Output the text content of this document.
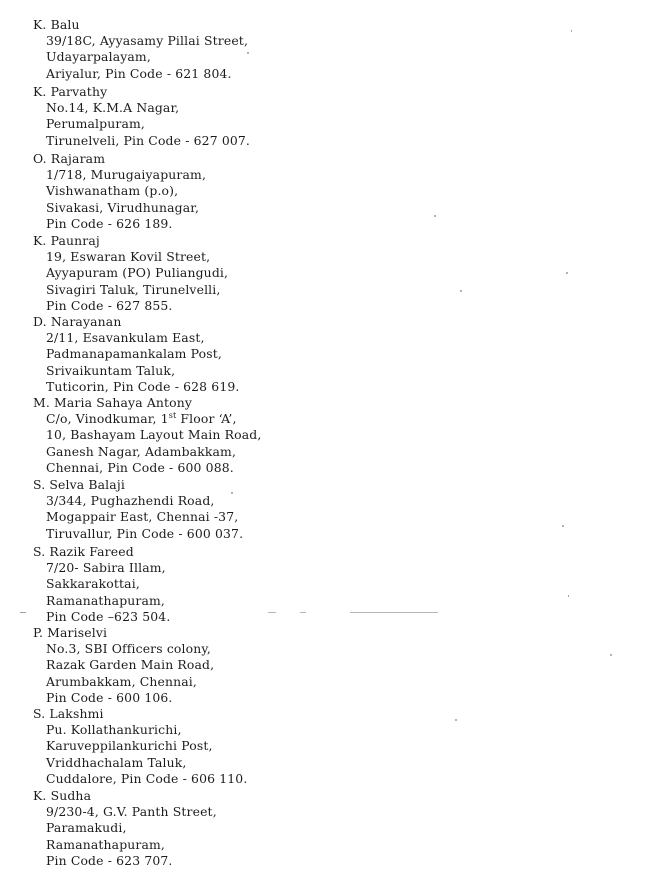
K. Balu
39/18C, Ayyasamy Pillai Street,
Udayarpalayam,
Ariyalur, Pin Code - 621 804.
K. Parvathy
No.14, K.M.A Nagar,
Perumalpuram,
Tirunelveli, Pin Code - 627 007.
O. Rajaram
1/718, Murugaiyapuram,
Vishwanatham (p.o),
Sivakasi, Virudhunagar,
Pin Code - 626 189.
K. Paunraj
19, Eswaran Kovil Street,
Ayyapuram (PO) Puliangudi,
Sivagiri Taluk, Tirunelvelli,
Pin Code - 627 855.
D. Narayanan
2/11, Esavankulam East,
Padmanapamankalam Post,
Srivaikuntam Taluk,
Tuticorin, Pin Code - 628 619.
M. Maria Sahaya Antony
C/o, Vinodkumar, 1st Floor ‘A’,
10, Bashayam Layout Main Road,
Ganesh Nagar, Adambakkam,
Chennai, Pin Code - 600 088.
S. Selva Balaji
3/344, Pughazhendi Road,
Mogappair East, Chennai -37,
Tiruvallur, Pin Code - 600 037.
S. Razik Fareed
7/20- Sabira Illam,
Sakkarakottai,
Ramanathapuram,
Pin Code –623 504.
P. Mariselvi
No.3, SBI Officers colony,
Razak Garden Main Road,
Arumbakkam, Chennai,
Pin Code - 600 106.
S. Lakshmi
Pu. Kollathankurichi,
Karuveppilankurichi Post,
Vriddhachalam Taluk,
Cuddalore, Pin Code - 606 110.
K. Sudha
9/230-4, G.V. Panth Street,
Paramakudi,
Ramanathapuram,
Pin Code - 623 707.
